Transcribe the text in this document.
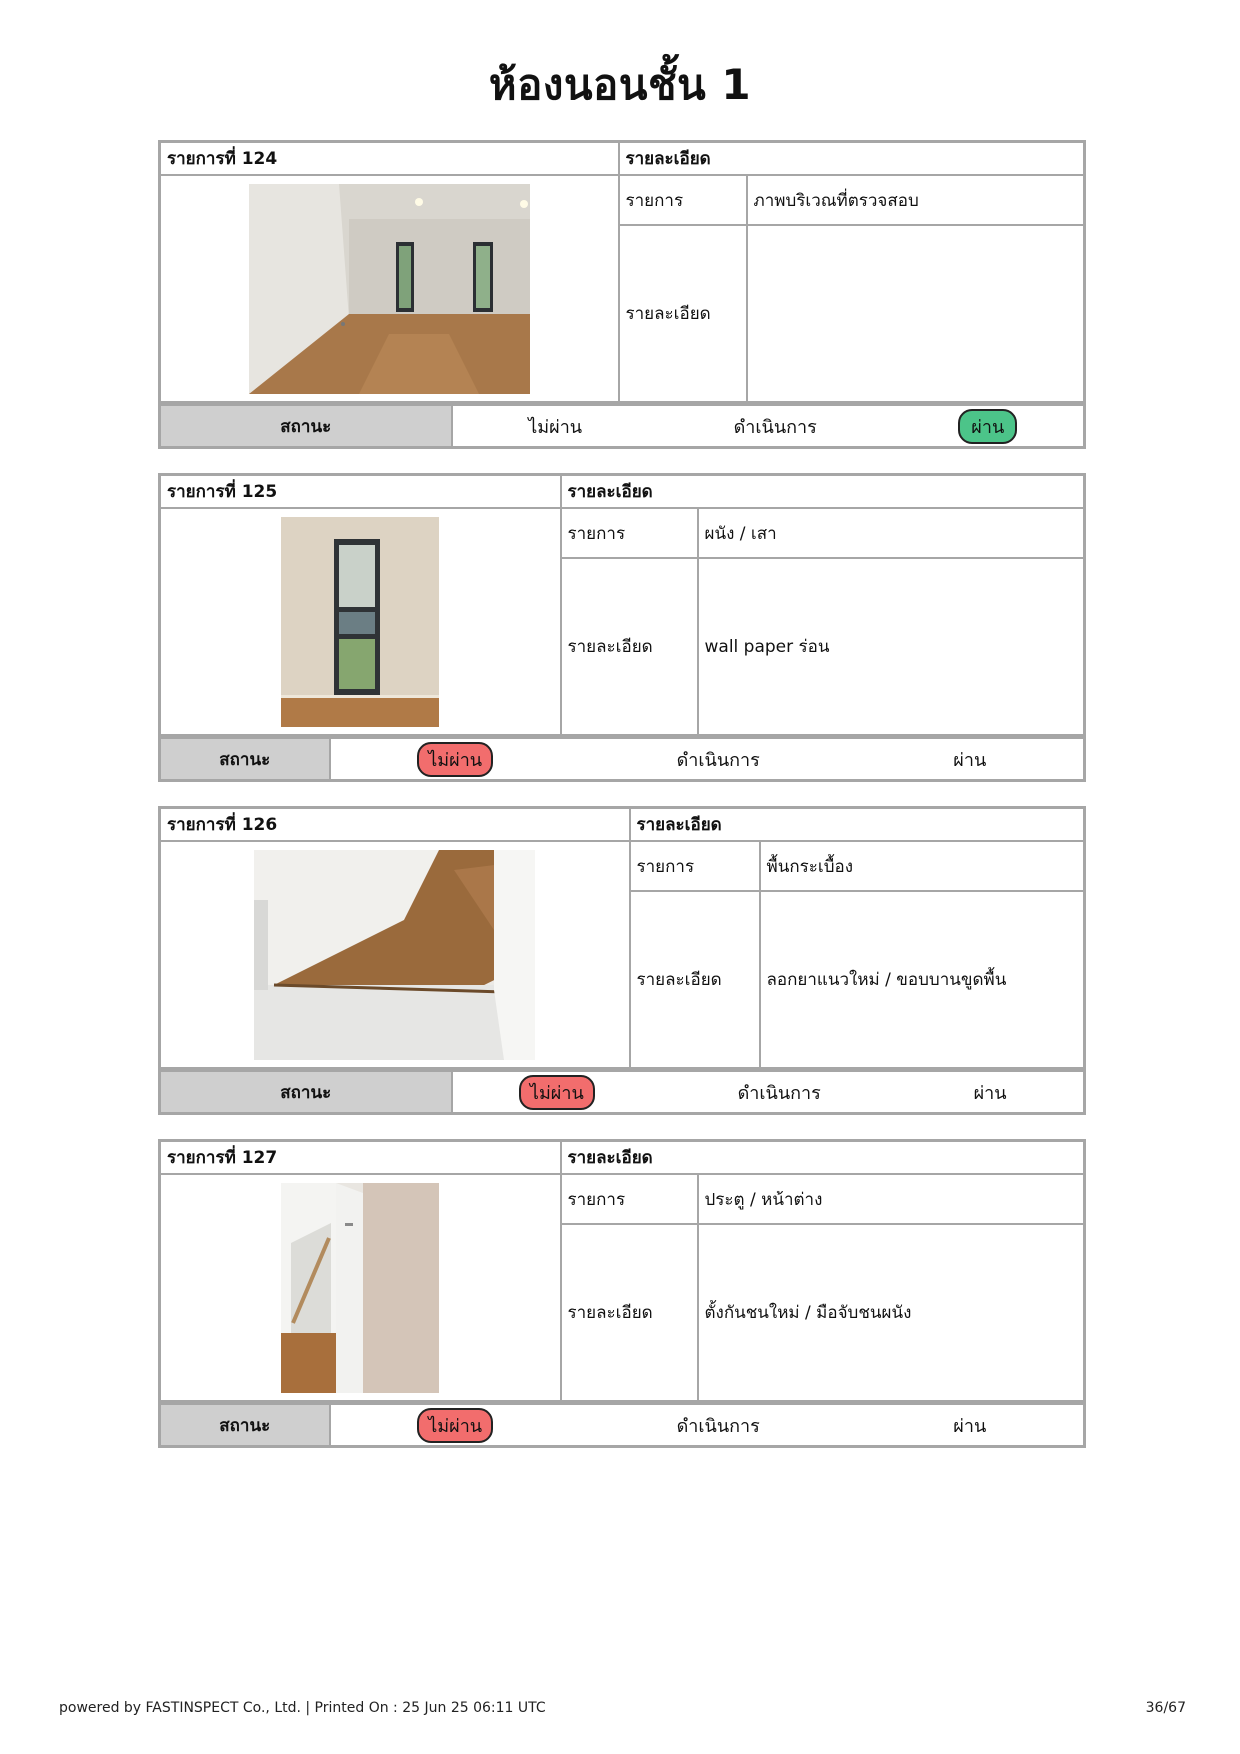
ห้องนอนชั้น 1
รายการที่ 124	รายละเอียด	

	รายการ	ภาพบริเวณที่ตรวจสอบ
	รายละเอียด	
สถานะ	ไม่ผ่าน	ดำเนินการ	ผ่าน
รายการที่ 125	รายละเอียด	

	รายการ	ผนัง / เสา
	รายละเอียด	wall paper ร่อน
สถานะ	ไม่ผ่าน	ดำเนินการ	ผ่าน
รายการที่ 126	รายละเอียด	

	รายการ	พื้นกระเบื้อง
	รายละเอียด	ลอกยาแนวใหม่ / ขอบบานขูดพื้น
สถานะ	ไม่ผ่าน	ดำเนินการ	ผ่าน
รายการที่ 127	รายละเอียด	

	รายการ	ประตู / หน้าต่าง
	รายละเอียด	ตั้งกันชนใหม่ / มือจับชนผนัง
สถานะ	ไม่ผ่าน	ดำเนินการ	ผ่าน
powered by FASTINSPECT Co., Ltd. | Printed On : 25 Jun 25 06:11 UTC	36/67
